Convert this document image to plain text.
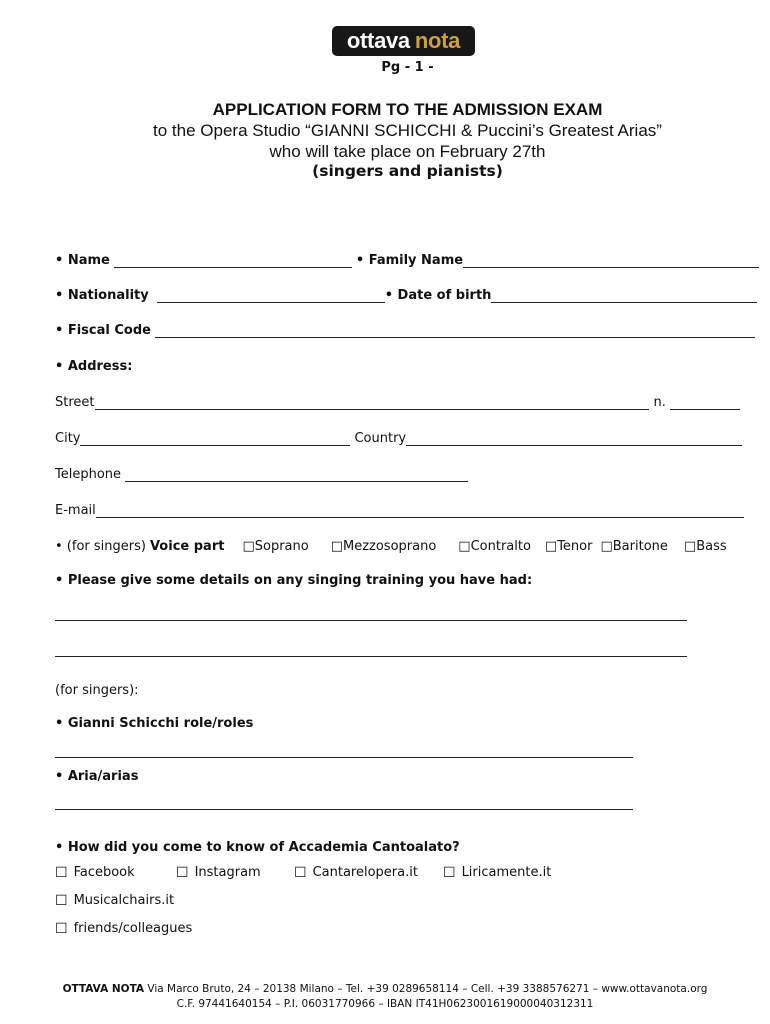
ottava nota
Pg - 1 -
APPLICATION FORM TO THE ADMISSION EXAM
to the Opera Studio “GIANNI SCHICCHI & Puccini’s Greatest Arias”
who will take place on February 27th
(singers and pianists)
• Name	• Family Name
• Nationality	• Date of birth
• Fiscal Code
• Address:
Street	n.
City	Country
Telephone
E-mail
• (for singers) Voice part □Soprano □Mezzosoprano □Contralto □Tenor □Baritone □Bass
• Please give some details on any singing training you have had:
(for singers):
• Gianni Schicchi role/roles
• Aria/arias
• How did you come to know of Accademia Cantoalato?
☐ Facebook	☐ Instagram ☐ Cantarelopera.it ☐ Liricamente.it
☐ Musicalchairs.it
☐ friends/colleagues
OTTAVA NOTA Via Marco Bruto, 24 – 20138 Milano – Tel. +39 0289658114 – Cell. +39 3388576271 – www.ottavanota.org
C.F. 97441640154 – P.I. 06031770966 – IBAN IT41H0623001619000040312311
